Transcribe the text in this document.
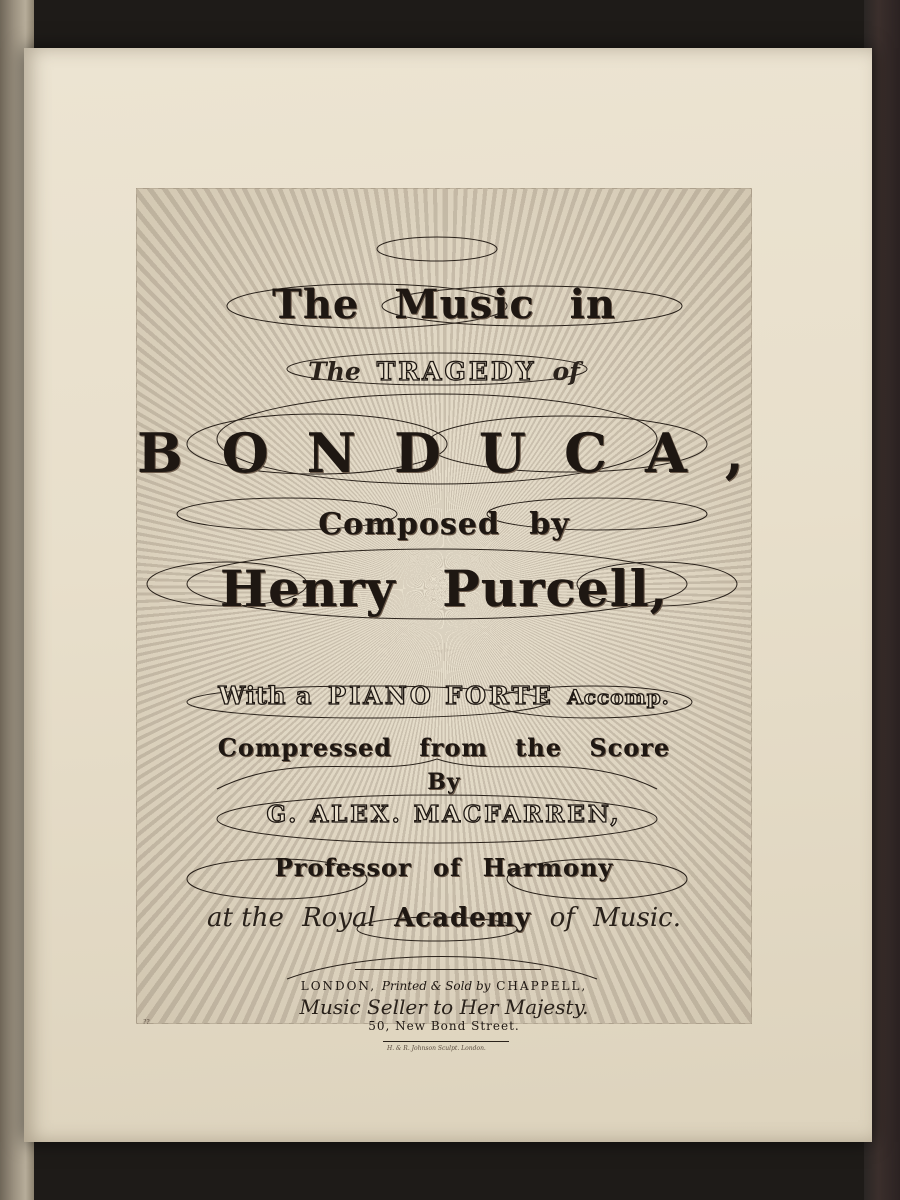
The Music in
The TRAGEDY of
BONDUCA,
Composed by
Henry Purcell,
With a PIANO FORTE Accomp.
Compressed from the Score
By
G. ALEX. MACFARREN,
Professor of Harmony
at the Royal Academy of Music.
LONDON, Printed & Sold by CHAPPELL,
Music Seller to Her Majesty.
50, New Bond Street.
H. & R. Johnson Sculpt. London.
??
